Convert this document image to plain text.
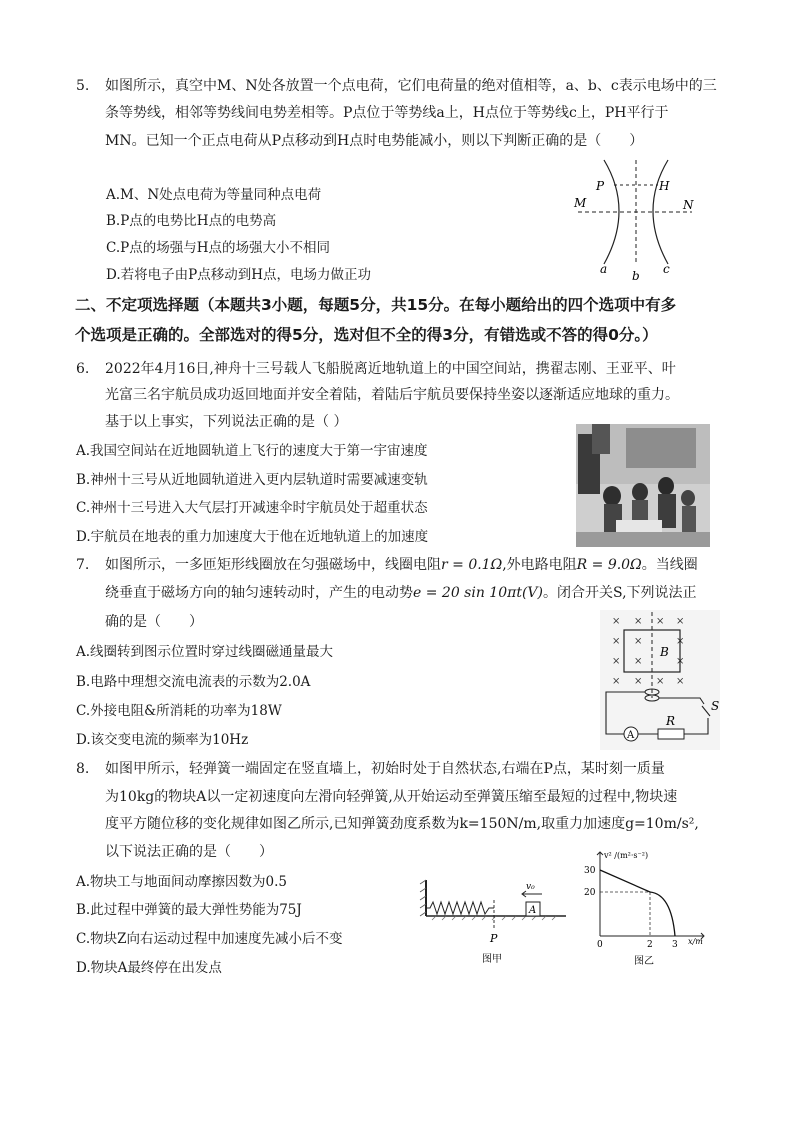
5. 如图所示，真空中M、N处各放置一个点电荷，它们电荷量的绝对值相等，a、b、c表示电场中的三
条等势线，相邻等势线间电势差相等。P点位于等势线a上，H点位于等势线c上，PH平行于
MN。已知一个正点电荷从P点移动到H点时电势能减小，则以下判断正确的是（　　）
A.M、N处点电荷为等量同种点电荷
B.P点的电势比H点的电势高
C.P点的场强与H点的场强大小不相同
D.若将电子由P点移动到H点，电场力做正功
P	H
M	N
a b c
二、不定项选择题（本题共3小题，每题5分，共15分。在每小题给出的四个选项中有多
个选项是正确的。全部选对的得5分，选对但不全的得3分，有错选或不答的得0分。）
6. 2022年4月16日,神舟十三号载人飞船脱离近地轨道上的中国空间站，携翟志刚、王亚平、叶
光富三名宇航员成功返回地面并安全着陆，着陆后宇航员要保持坐姿以逐渐适应地球的重力。
基于以上事实，下列说法正确的是（ ）
A.我国空间站在近地圆轨道上飞行的速度大于第一宇宙速度
B.神州十三号从近地圆轨道进入更内层轨道时需要减速变轨
C.神州十三号进入大气层打开减速伞时宇航员处于超重状态
D.宇航员在地表的重力加速度大于他在近地轨道上的加速度
7. 如图所示，一多匝矩形线圈放在匀强磁场中，线圈电阻r = 0.1Ω,外电路电阻R = 9.0Ω。当线圈
绕垂直于磁场方向的轴匀速转动时，产生的电动势e = 20 sin 10πt(V)。闭合开关S,下列说法正
确的是（　　）
A.线圈转到图示位置时穿过线圈磁通量最大
B.电路中理想交流电流表的示数为2.0A
C.外接电阻&所消耗的功率为18W
D.该交变电流的频率为10Hz
× × × ×
× ×	×
× ×	×
× × × ×
B
S
A
R
8. 如图甲所示，轻弹簧一端固定在竖直墙上，初始时处于自然状态,右端在P点，某时刻一质量
为10kg的物块A以一定初速度向左滑向轻弹簧,从开始运动至弹簧压缩至最短的过程中,物块速
度平方随位移的变化规律如图乙所示,已知弹簧劲度系数为k=150N/m,取重力加速度g=10m/s²,
以下说法正确的是（　　）
A.物块工与地面间动摩擦因数为0.5
B.此过程中弹簧的最大弹性势能为75J
C.物块Z向右运动过程中加速度先减小后不变
D.物块A最终停在出发点
P
A
v₀
图甲
v² /(m²·s⁻²)
x/m
30
20
0	2 3
图乙
